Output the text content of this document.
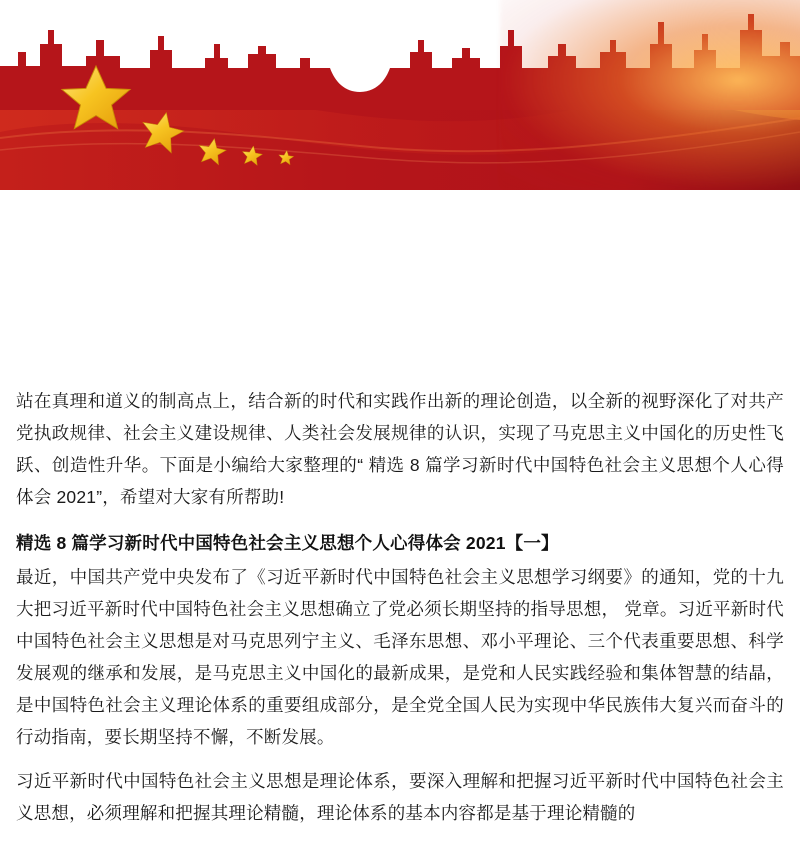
站在真理和道义的制高点上，结合新的时代和实践作出新的理论创造，以全新的视野深化了对共产党执政规律、社会主义建设规律、人类社会发展规律的认识，实现了马克思主义中国化的历史性飞跃、创造性升华。下面是小编给大家整理的“ 精选 8 篇学习新时代中国特色社会主义思想个人心得体会 2021”，希望对大家有所帮助!

精选 8 篇学习新时代中国特色社会主义思想个人心得体会 2021【一】

最近，中国共产党中央发布了《习近平新时代中国特色社会主义思想学习纲要》的通知，党的十九大把习近平新时代中国特色社会主义思想确立了党必须长期坚持的指导思想， 党章。习近平新时代中国特色社会主义思想是对马克思列宁主义、毛泽东思想、邓小平理论、三个代表重要思想、科学发展观的继承和发展，是马克思主义中国化的最新成果，是党和人民实践经验和集体智慧的结晶，是中国特色社会主义理论体系的重要组成部分，是全党全国人民为实现中华民族伟大复兴而奋斗的行动指南，要长期坚持不懈，不断发展。

习近平新时代中国特色社会主义思想是理论体系，要深入理解和把握习近平新时代中国特色社会主义思想，必须理解和把握其理论精髓，理论体系的基本内容都是基于理论精髓的
